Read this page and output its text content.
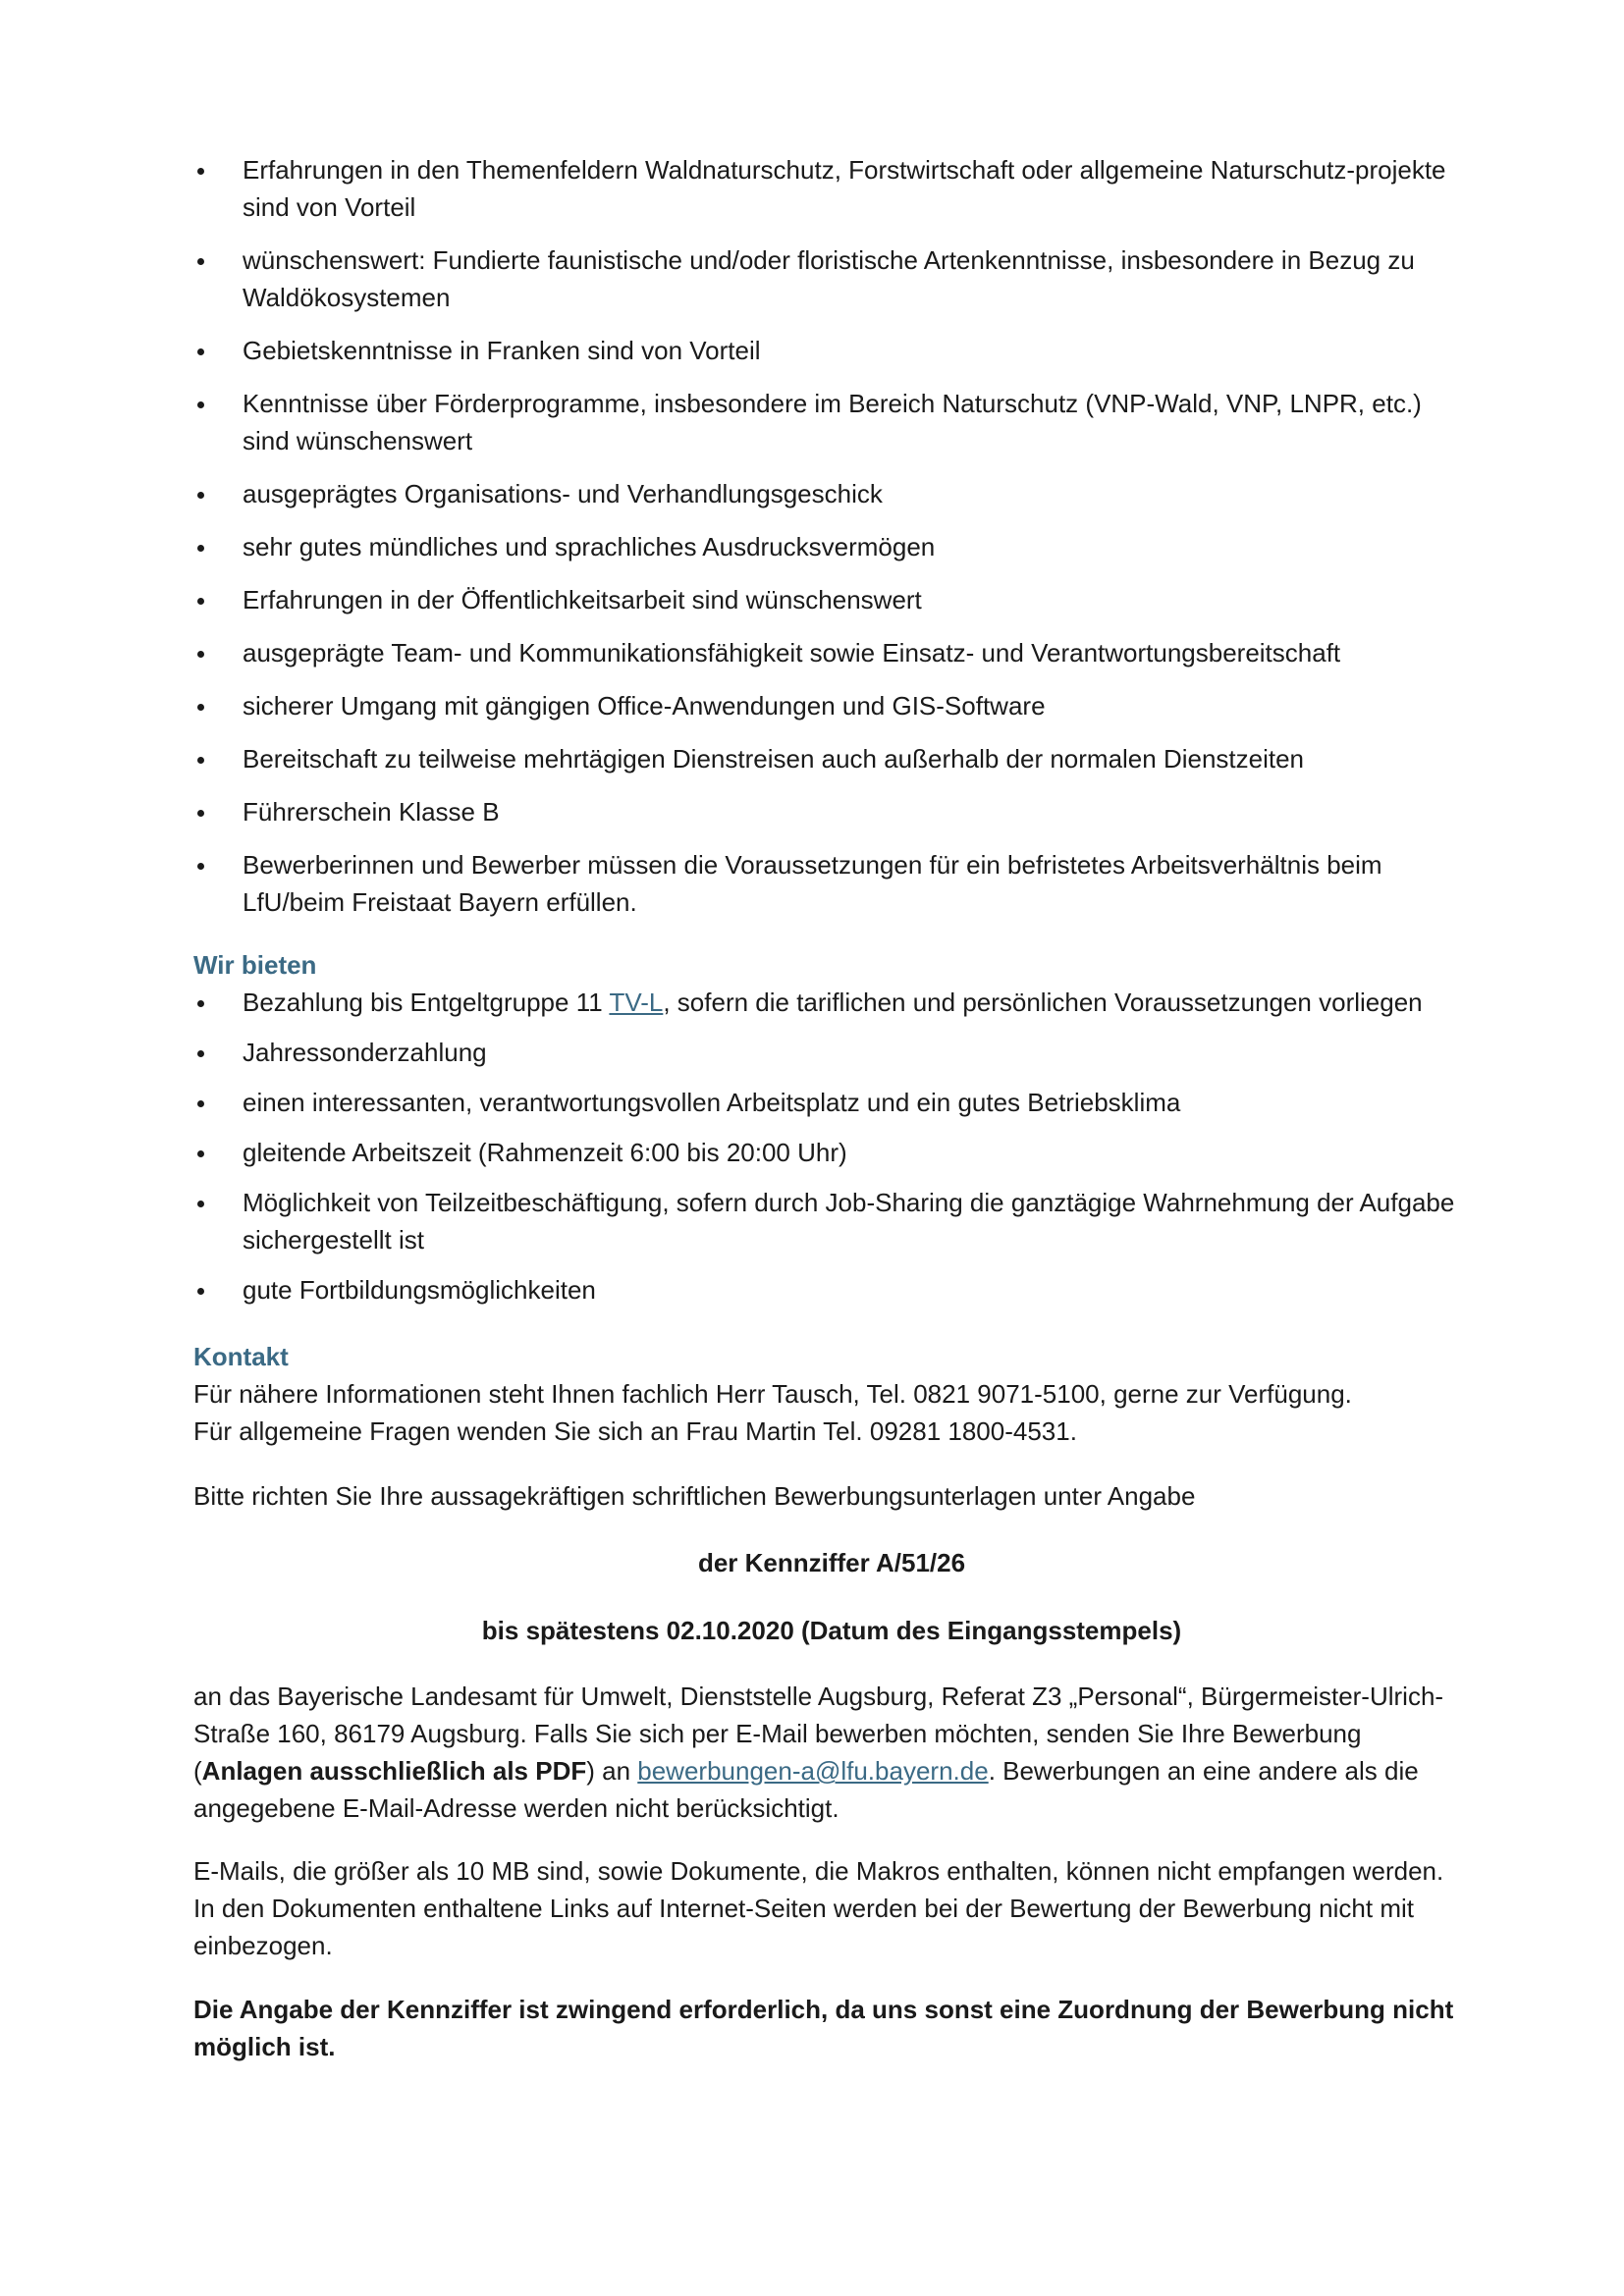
Erfahrungen in den Themenfeldern Waldnaturschutz, Forstwirtschaft oder allgemeine Naturschutz-projekte sind von Vorteil
wünschenswert: Fundierte faunistische und/oder floristische Artenkenntnisse, insbesondere in Bezug zu Waldökosystemen
Gebietskenntnisse in Franken sind von Vorteil
Kenntnisse über Förderprogramme, insbesondere im Bereich Naturschutz (VNP-Wald, VNP, LNPR, etc.) sind wünschenswert
ausgeprägtes Organisations- und Verhandlungsgeschick
sehr gutes mündliches und sprachliches Ausdrucksvermögen
Erfahrungen in der Öffentlichkeitsarbeit sind wünschenswert
ausgeprägte Team- und Kommunikationsfähigkeit sowie Einsatz- und Verantwortungsbereitschaft
sicherer Umgang mit gängigen Office-Anwendungen und GIS-Software
Bereitschaft zu teilweise mehrtägigen Dienstreisen auch außerhalb der normalen Dienstzeiten
Führerschein Klasse B
Bewerberinnen und Bewerber müssen die Voraussetzungen für ein befristetes Arbeitsverhältnis beim LfU/beim Freistaat Bayern erfüllen.
Wir bieten
Bezahlung bis Entgeltgruppe 11 TV-L, sofern die tariflichen und persönlichen Voraussetzungen vorliegen
Jahressonderzahlung
einen interessanten, verantwortungsvollen Arbeitsplatz und ein gutes Betriebsklima
gleitende Arbeitszeit (Rahmenzeit 6:00 bis 20:00 Uhr)
Möglichkeit von Teilzeitbeschäftigung, sofern durch Job-Sharing die ganztägige Wahrnehmung der Aufgabe sichergestellt ist
gute Fortbildungsmöglichkeiten
Kontakt

Für nähere Informationen steht Ihnen fachlich Herr Tausch, Tel. 0821 9071-5100, gerne zur Verfügung.

Für allgemeine Fragen wenden Sie sich an Frau Martin Tel. 09281 1800-4531.

Bitte richten Sie Ihre aussagekräftigen schriftlichen Bewerbungsunterlagen unter Angabe

der Kennziffer A/51/26
bis spätestens 02.10.2020 (Datum des Eingangsstempels)

an das Bayerische Landesamt für Umwelt, Dienststelle Augsburg, Referat Z3 „Personal“, Bürgermeister-Ulrich-Straße 160, 86179 Augsburg. Falls Sie sich per E-Mail bewerben möchten, senden Sie Ihre Bewerbung (Anlagen ausschließlich als PDF) an bewerbungen-a@lfu.bayern.de. Bewerbungen an eine andere als die angegebene E-Mail-Adresse werden nicht berücksichtigt.

E-Mails, die größer als 10 MB sind, sowie Dokumente, die Makros enthalten, können nicht empfangen werden. In den Dokumenten enthaltene Links auf Internet-Seiten werden bei der Bewertung der Bewerbung nicht mit einbezogen.

Die Angabe der Kennziffer ist zwingend erforderlich, da uns sonst eine Zuordnung der Bewerbung nicht möglich ist.
